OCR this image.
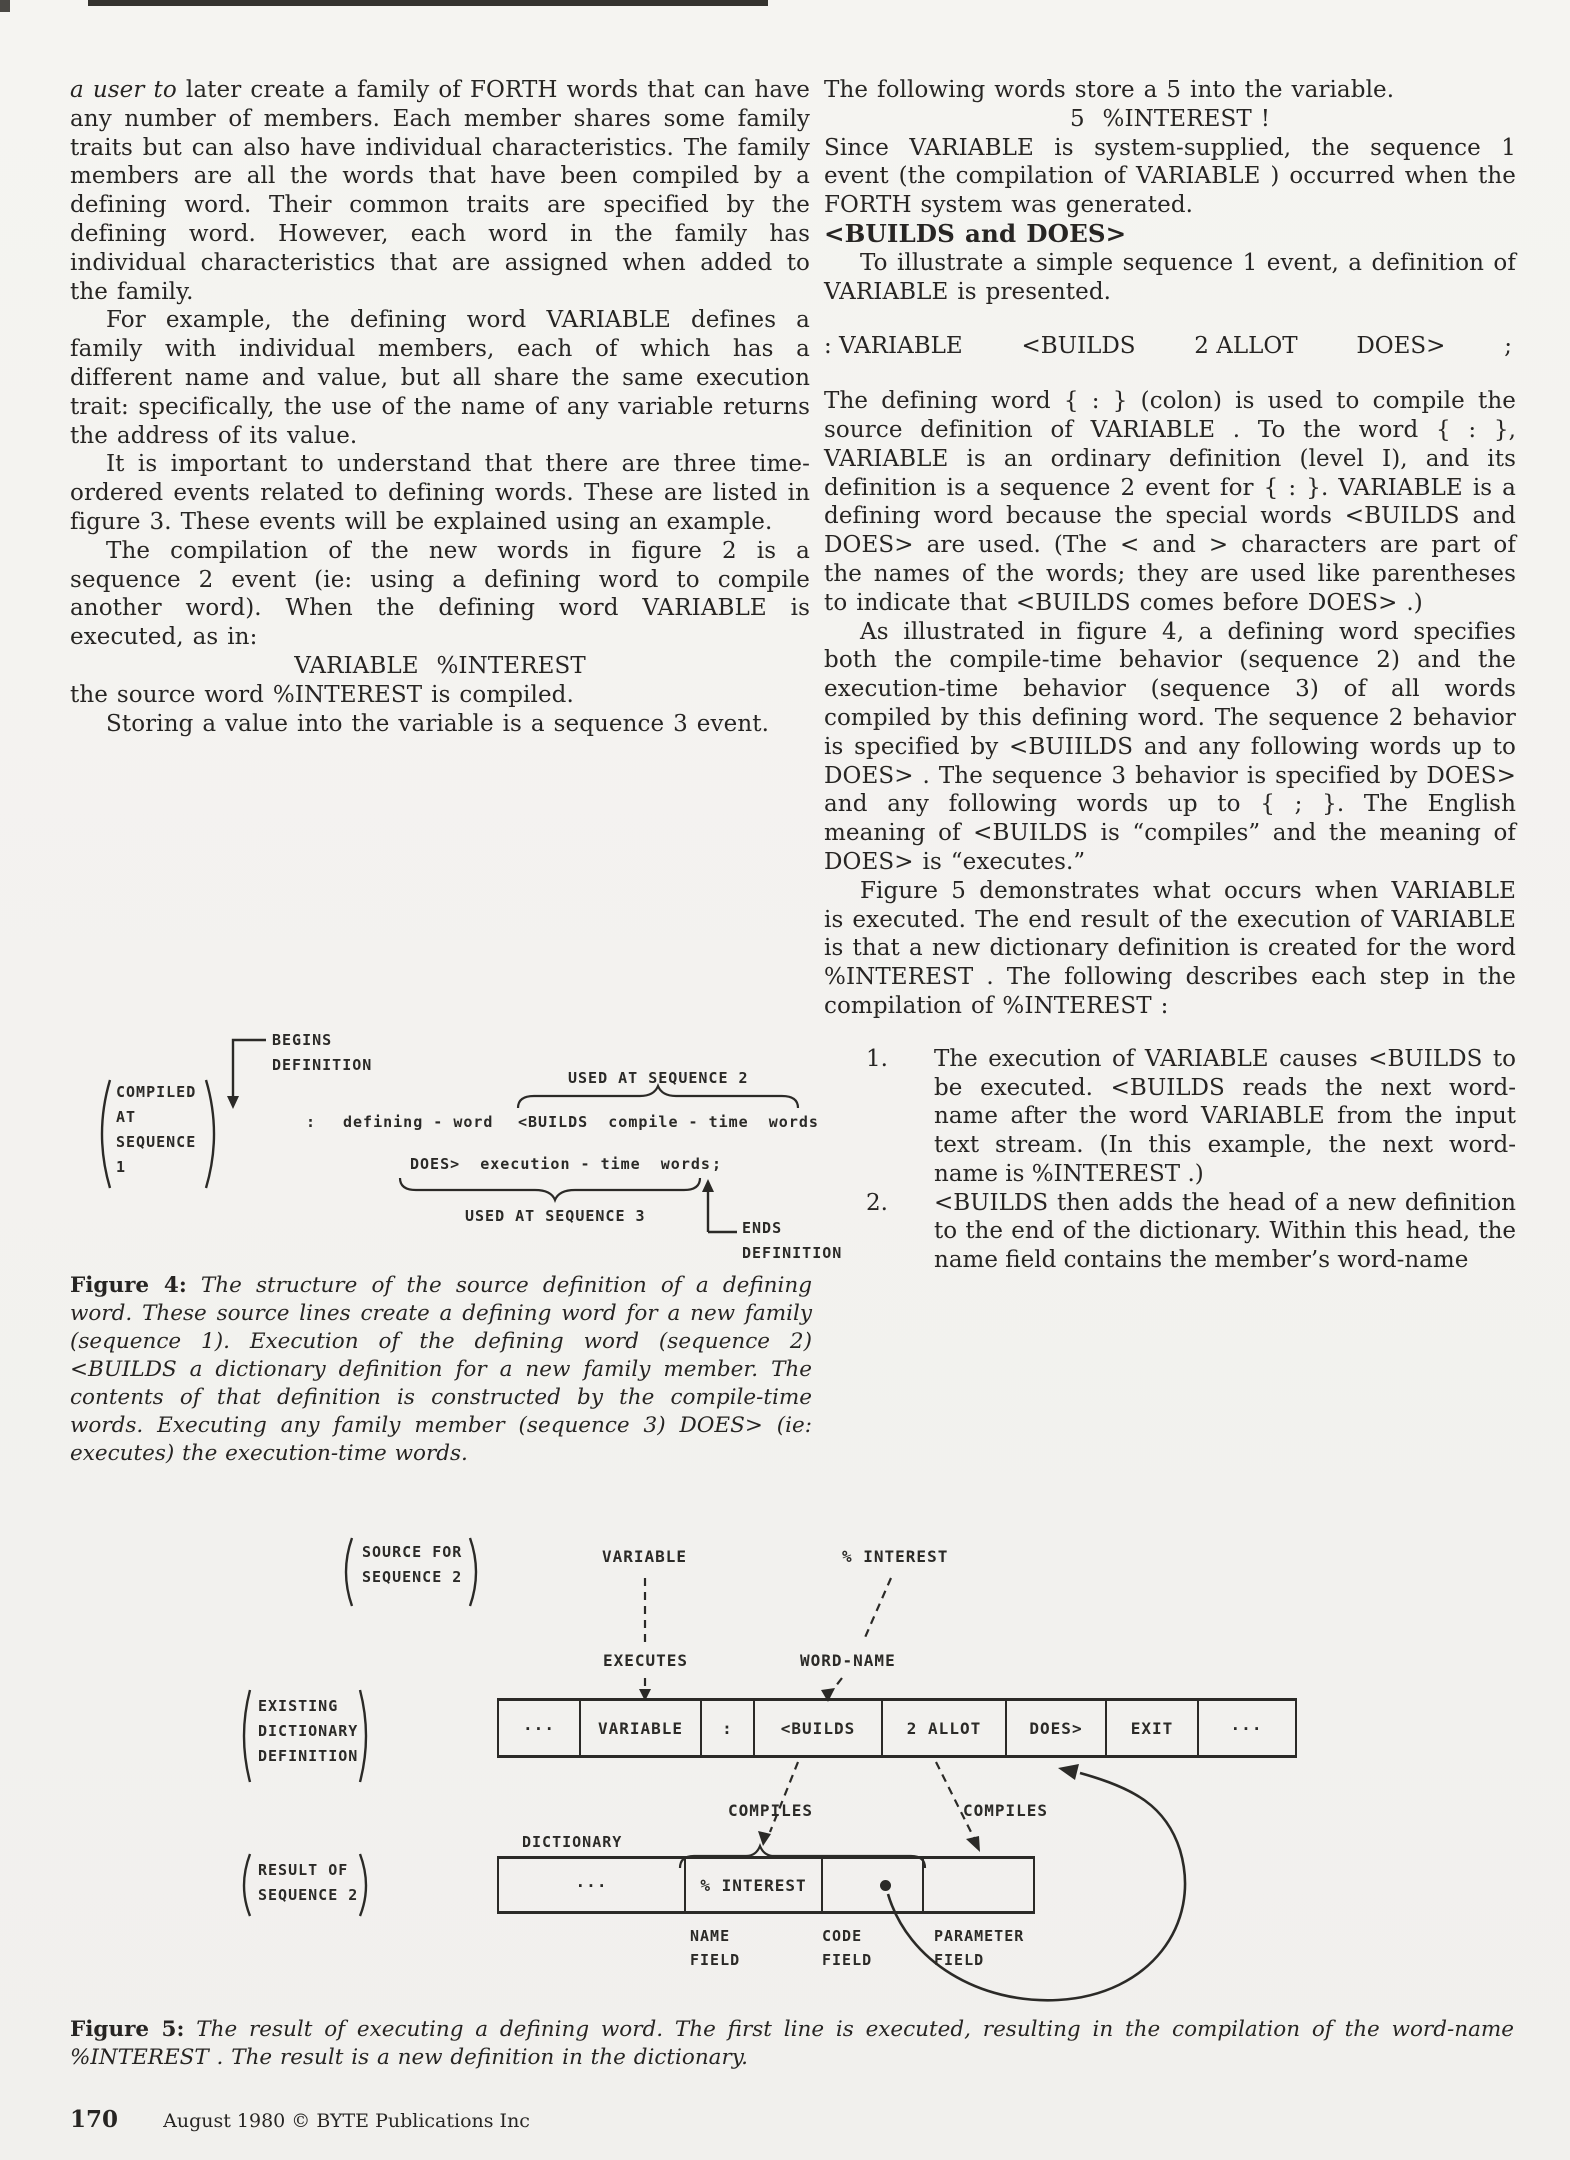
a user to later create a family of FORTH words that can have any number of members. Each member shares some family traits but can also have individual characteristics. The family members are all the words that have been compiled by a defining word. Their common traits are specified by the defining word. However, each word in the family has individual characteristics that are assigned when added to the family.

For example, the defining word VARIABLE defines a family with individual members, each of which has a different name and value, but all share the same execution trait: specifically, the use of the name of any variable returns the address of its value.

It is important to understand that there are three time-ordered events related to defining words. These are listed in figure 3. These events will be explained using an example.

The compilation of the new words in figure 2 is a sequence 2 event (ie: using a defining word to compile another word). When the defining word VARIABLE is executed, as in:

VARIABLE  %INTEREST

the source word %INTEREST is compiled.

Storing a value into the variable is a sequence 3 event.

The following words store a 5 into the variable.

5  %INTEREST !

Since VARIABLE is system-supplied, the sequence 1 event (the compilation of VARIABLE ) occurred when the FORTH system was generated.

<BUILDS and DOES>

To illustrate a simple sequence 1 event, a definition of VARIABLE is presented.

: VARIABLE	<BUILDS	2 ALLOT	DOES>	;

The defining word { : } (colon) is used to compile the source definition of VARIABLE . To the word { : }, VARIABLE is an ordinary definition (level I), and its definition is a sequence 2 event for { : }. VARIABLE is a defining word because the special words <BUILDS and DOES> are used. (The < and > characters are part of the names of the words; they are used like parentheses to indicate that <BUILDS comes before DOES> .)

As illustrated in figure 4, a defining word specifies both the compile-time behavior (sequence 2) and the execution-time behavior (sequence 3) of all words compiled by this defining word. The sequence 2 behavior is specified by <BUIILDS and any following words up to DOES> . The sequence 3 behavior is specified by DOES> and any following words up to { ; }. The English meaning of <BUILDS is “compiles” and the meaning of DOES> is “executes.”

Figure 5 demonstrates what occurs when VARIABLE is executed. The end result of the execution of VARIABLE is that a new dictionary definition is created for the word %INTEREST . The following describes each step in the compilation of %INTEREST :

1.	The execution of VARIABLE causes <BUILDS to be executed. <BUILDS reads the next word-name after the word VARIABLE from the input text stream. (In this example, the next word-name is %INTEREST .)
2.	<BUILDS then adds the head of a new definition to the end of the dictionary. Within this head, the name field contains the member’s word-name
BEGINS
DEFINITION
COMPILED
AT
SEQUENCE
1
: defining - word <BUILDS  compile - time  words
USED AT SEQUENCE 2
DOES>  execution - time  words ;
USED AT SEQUENCE 3
ENDS
DEFINITION
Figure 4: The structure of the source definition of a defining word. These source lines create a defining word for a new family (sequence 1). Execution of the defining word (sequence 2) <BUILDS a dictionary definition for a new family member. The contents of that definition is constructed by the compile-time words. Executing any family member (sequence 3) DOES> (ie: executes) the execution-time words.
SOURCE FOR
SEQUENCE 2
VARIABLE	% INTEREST
EXECUTES	WORD-NAME
EXISTING
DICTIONARY
DEFINITION
···	VARIABLE	:	<BUILDS	2 ALLOT	DOES>	EXIT	···
COMPILES	COMPILES
DICTIONARY
RESULT OF
SEQUENCE 2
···	% INTEREST
NAME
FIELD
CODE
FIELD
PARAMETER
FIELD
Figure 5: The result of executing a defining word. The first line is executed, resulting in the compilation of the word-name %INTEREST . The result is a new definition in the dictionary.
170 August 1980 © BYTE Publications Inc
